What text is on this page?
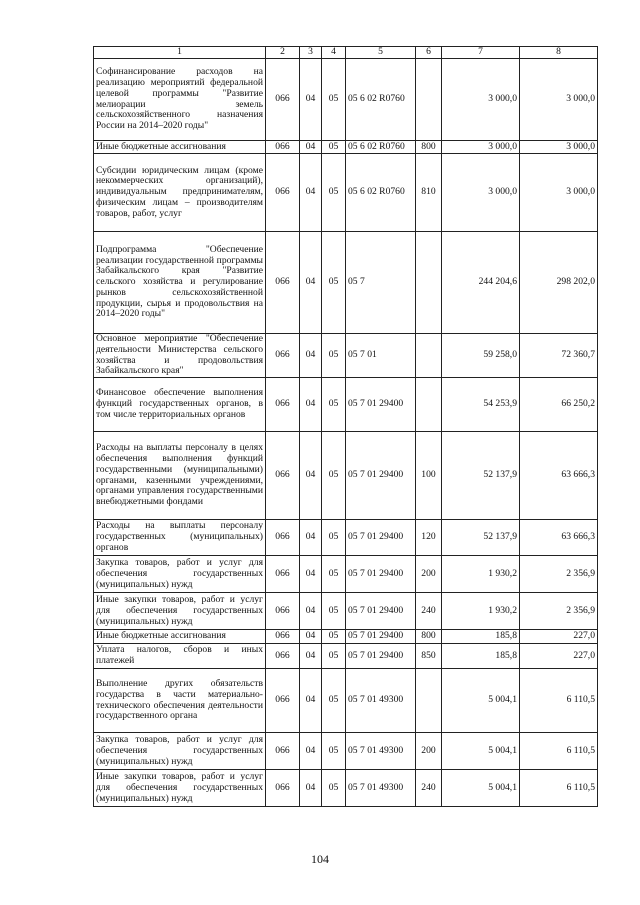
1	2	3	4	5	6	7	8
Софинансирование расходов на реализацию мероприятий федеральной целевой программы "Развитие мелиорации земель сельскохозяйственного назначения России на 2014–2020 годы"	066	04	05	05 6 02 R0760		3 000,0	3 000,0
Иные бюджетные ассигнования	066	04	05	05 6 02 R0760	800	3 000,0	3 000,0
Субсидии юридическим лицам (кроме некоммерческих организаций), индивидуальным предпринимателям, физическим лицам – производителям товаров, работ, услуг	066	04	05	05 6 02 R0760	810	3 000,0	3 000,0
Подпрограмма "Обеспечение реализации государственной программы Забайкальского края "Развитие сельского хозяйства и регулирование рынков сельскохозяйственной продукции, сырья и продовольствия на 2014–2020 годы"	066	04	05	05 7		244 204,6	298 202,0
Основное мероприятие "Обеспечение деятельности Министерства сельского хозяйства и продовольствия Забайкальского края"	066	04	05	05 7 01		59 258,0	72 360,7
Финансовое обеспечение выполнения функций государственных органов, в том числе территориальных органов	066	04	05	05 7 01 29400		54 253,9	66 250,2
Расходы на выплаты персоналу в целях обеспечения выполнения функций государственными (муниципальными) органами, казенными учреждениями, органами управления государственными внебюджетными фондами	066	04	05	05 7 01 29400	100	52 137,9	63 666,3
Расходы на выплаты персоналу государственных (муниципальных) органов	066	04	05	05 7 01 29400	120	52 137,9	63 666,3
Закупка товаров, работ и услуг для обеспечения государственных (муниципальных) нужд	066	04	05	05 7 01 29400	200	1 930,2	2 356,9
Иные закупки товаров, работ и услуг для обеспечения государственных (муниципальных) нужд	066	04	05	05 7 01 29400	240	1 930,2	2 356,9
Иные бюджетные ассигнования	066	04	05	05 7 01 29400	800	185,8	227,0
Уплата налогов, сборов и иных платежей	066	04	05	05 7 01 29400	850	185,8	227,0
Выполнение других обязательств государства в части материально-технического обеспечения деятельности государственного органа	066	04	05	05 7 01 49300		5 004,1	6 110,5
Закупка товаров, работ и услуг для обеспечения государственных (муниципальных) нужд	066	04	05	05 7 01 49300	200	5 004,1	6 110,5
Иные закупки товаров, работ и услуг для обеспечения государственных (муниципальных) нужд	066	04	05	05 7 01 49300	240	5 004,1	6 110,5
104
